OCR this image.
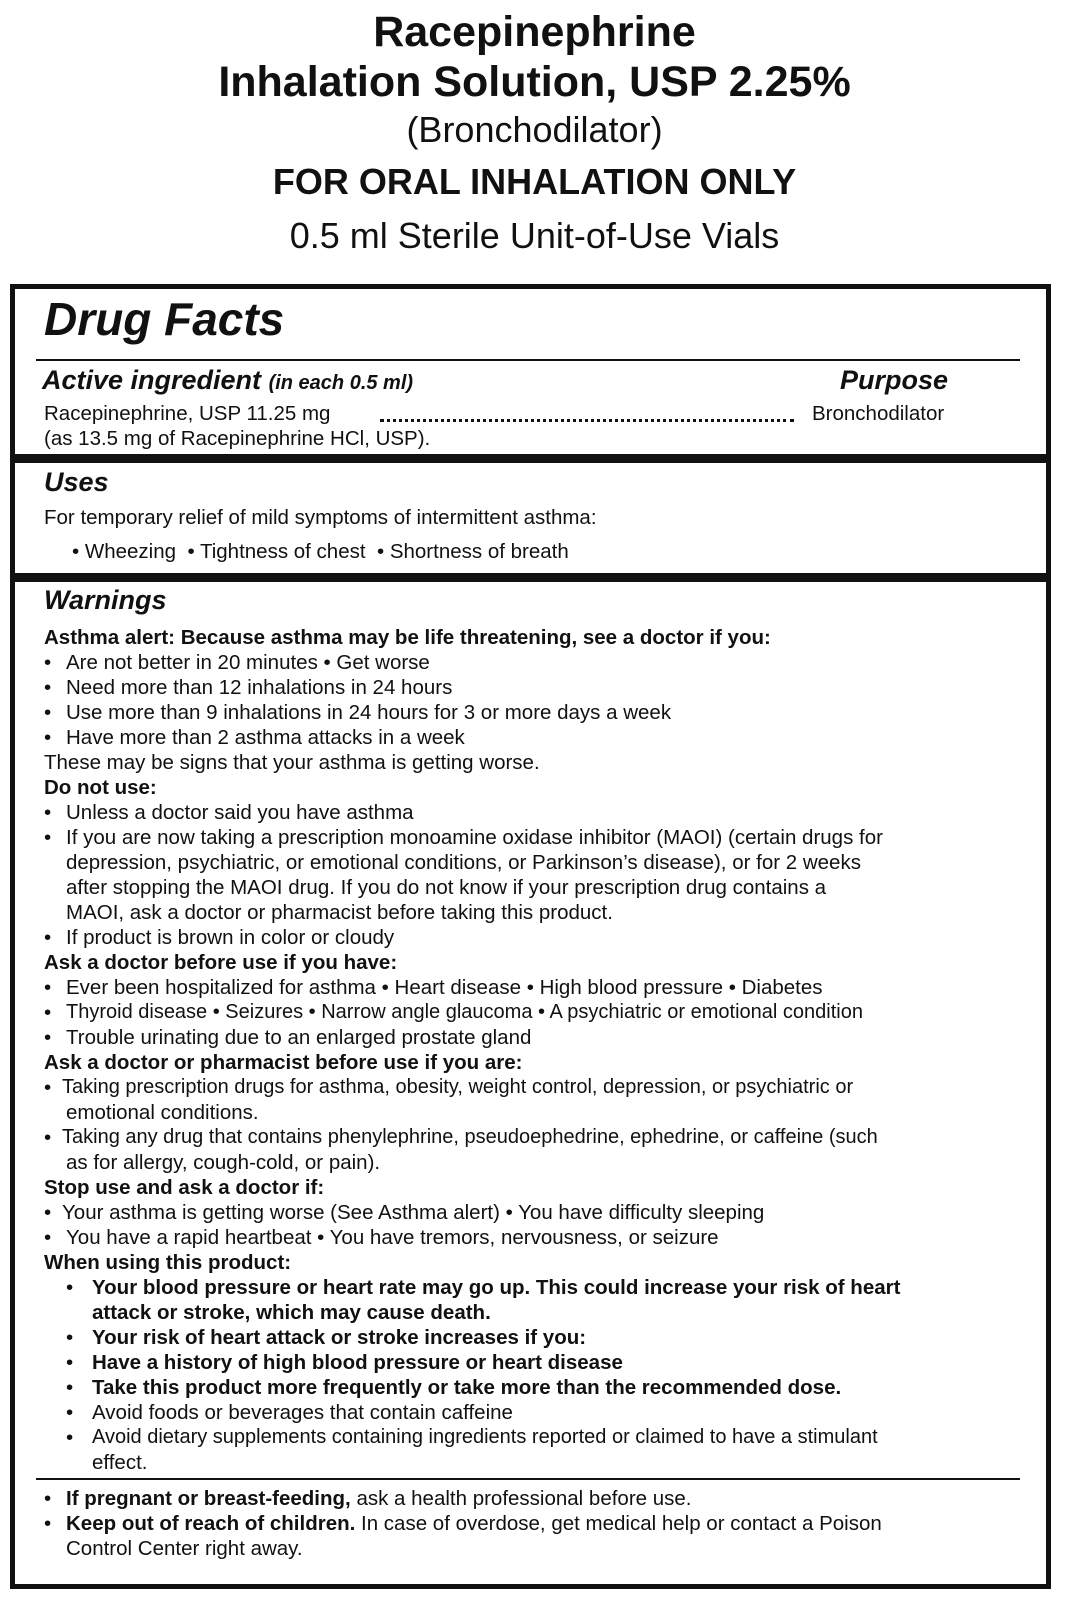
Racepinephrine
Inhalation Solution, USP 2.25%
(Bronchodilator)
FOR ORAL INHALATION ONLY
0.5 ml Sterile Unit-of-Use Vials
Drug Facts
Active ingredient (in each 0.5 ml)	Purpose
Racepinephrine, USP 11.25 mg	Bronchodilator
(as 13.5 mg of Racepinephrine HCl, USP).
Uses
For temporary relief of mild symptoms of intermittent asthma:
• Wheezing  • Tightness of chest  • Shortness of breath
Warnings
Asthma alert: Because asthma may be life threatening, see a doctor if you:
• Are not better in 20 minutes • Get worse
• Need more than 12 inhalations in 24 hours
• Use more than 9 inhalations in 24 hours for 3 or more days a week
• Have more than 2 asthma attacks in a week
These may be signs that your asthma is getting worse.
Do not use:
• Unless a doctor said you have asthma
• If you are now taking a prescription monoamine oxidase inhibitor (MAOI) (certain drugs for
depression, psychiatric, or emotional conditions, or Parkinson’s disease), or for 2 weeks
after stopping the MAOI drug. If you do not know if your prescription drug contains a
MAOI, ask a doctor or pharmacist before taking this product.
• If product is brown in color or cloudy
Ask a doctor before use if you have:
• Ever been hospitalized for asthma • Heart disease • High blood pressure • Diabetes
• Thyroid disease • Seizures • Narrow angle glaucoma • A psychiatric or emotional condition
• Trouble urinating due to an enlarged prostate gland
Ask a doctor or pharmacist before use if you are:
• Taking prescription drugs for asthma, obesity, weight control, depression, or psychiatric or
emotional conditions.
• Taking any drug that contains phenylephrine, pseudoephedrine, ephedrine, or caffeine (such
as for allergy, cough-cold, or pain).
Stop use and ask a doctor if:
• Your asthma is getting worse (See Asthma alert) • You have difficulty sleeping
• You have a rapid heartbeat • You have tremors, nervousness, or seizure
When using this product:
• Your blood pressure or heart rate may go up. This could increase your risk of heart
attack or stroke, which may cause death.
• Your risk of heart attack or stroke increases if you:
• Have a history of high blood pressure or heart disease
• Take this product more frequently or take more than the recommended dose.
• Avoid foods or beverages that contain caffeine
• Avoid dietary supplements containing ingredients reported or claimed to have a stimulant
effect.
• If pregnant or breast-feeding, ask a health professional before use.
• Keep out of reach of children. In case of overdose, get medical help or contact a Poison
Control Center right away.
